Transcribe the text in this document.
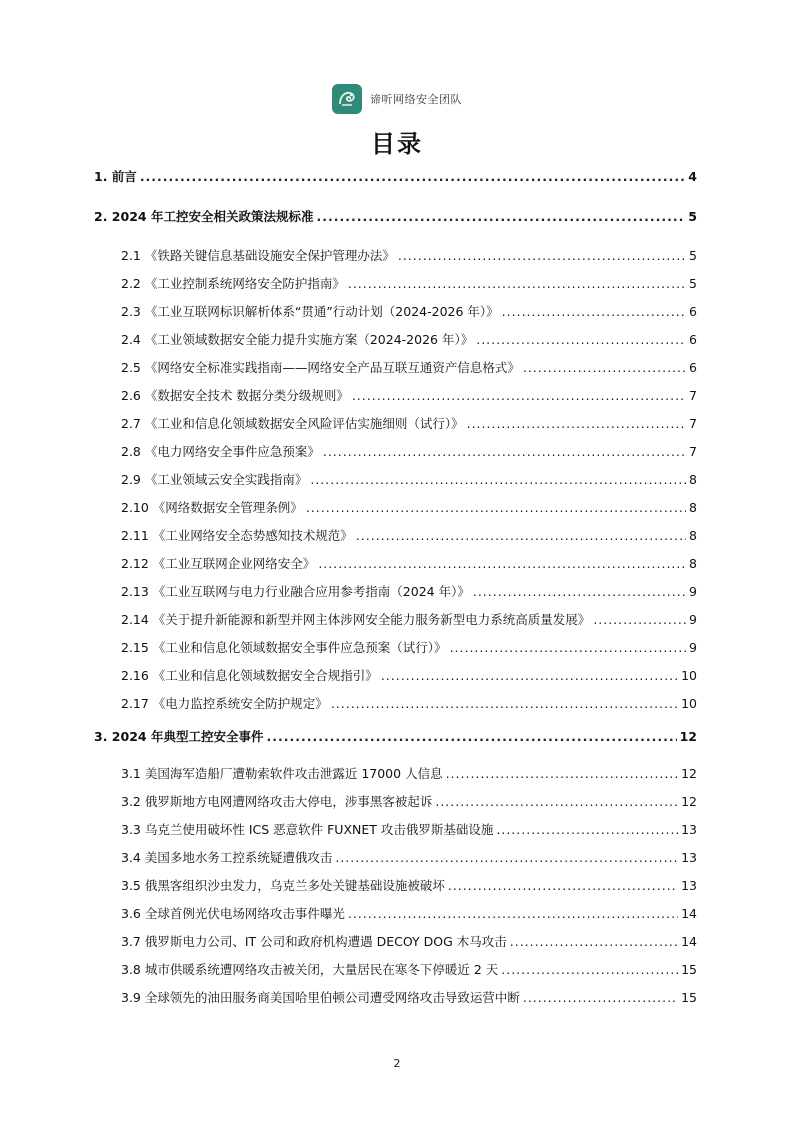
谛听网络安全团队
目录
1. 前言 .....	4
2. 2024 年工控安全相关政策法规标准 .....	5
2.1 《铁路关键信息基础设施安全保护管理办法》 .....	5
2.2 《工业控制系统网络安全防护指南》 .....	5
2.3 《工业互联网标识解析体系“贯通”行动计划（2024-2026 年）》 .....	6
2.4 《工业领域数据安全能力提升实施方案（2024-2026 年）》 .....	6
2.5 《网络安全标准实践指南——网络安全产品互联互通资产信息格式》 .....	6
2.6 《数据安全技术 数据分类分级规则》 .....	7
2.7 《工业和信息化领域数据安全风险评估实施细则（试行）》 .....	7
2.8 《电力网络安全事件应急预案》 .....	7
2.9 《工业领域云安全实践指南》 .....	8
2.10 《网络数据安全管理条例》 .....	8
2.11 《工业网络安全态势感知技术规范》 .....	8
2.12 《工业互联网企业网络安全》 .....	8
2.13 《工业互联网与电力行业融合应用参考指南（2024 年）》 .....	9
2.14 《关于提升新能源和新型并网主体涉网安全能力服务新型电力系统高质量发展》 .....	9
2.15 《工业和信息化领域数据安全事件应急预案（试行）》 .....	9
2.16 《工业和信息化领域数据安全合规指引》 .....	10
2.17 《电力监控系统安全防护规定》 .....	10
3. 2024 年典型工控安全事件 .....	12
3.1 美国海军造船厂遭勒索软件攻击泄露近 17000 人信息 .....	12
3.2 俄罗斯地方电网遭网络攻击大停电，涉事黑客被起诉 .....	12
3.3 乌克兰使用破坏性 ICS 恶意软件 FUXNET 攻击俄罗斯基础设施 .....	13
3.4 美国多地水务工控系统疑遭俄攻击 .....	13
3.5 俄黑客组织沙虫发力，乌克兰多处关键基础设施被破坏 .....	13
3.6 全球首例光伏电场网络攻击事件曝光 .....	14
3.7 俄罗斯电力公司、IT 公司和政府机构遭遇 DECOY DOG 木马攻击 .....	14
3.8 城市供暖系统遭网络攻击被关闭，大量居民在寒冬下停暖近 2 天 .....	15
3.9 全球领先的油田服务商美国哈里伯顿公司遭受网络攻击导致运营中断 .....	15
2
